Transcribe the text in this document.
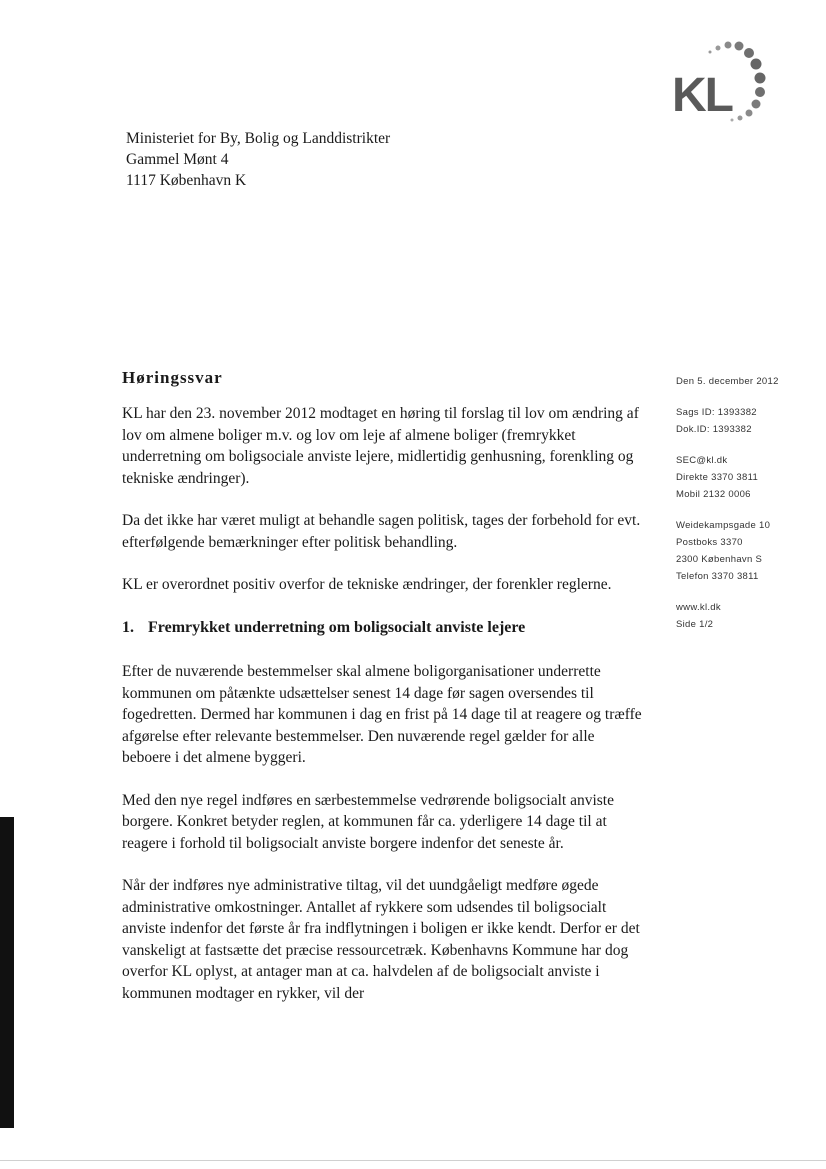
KL
Ministeriet for By, Bolig og Landdistrikter
Gammel Mønt 4
1117 København K
Høringssvar

KL har den 23. november 2012 modtaget en høring til forslag til lov om ændring af lov om almene boliger m.v. og lov om leje af almene boliger (fremrykket underretning om boligsociale anviste lejere, midlertidig genhusning, forenkling og tekniske ændringer).

Da det ikke har været muligt at behandle sagen politisk, tages der forbehold for evt. efterfølgende bemærkninger efter politisk behandling.

KL er overordnet positiv overfor de tekniske ændringer, der forenkler reglerne.

1. Fremrykket underretning om boligsocialt anviste lejere

Efter de nuværende bestemmelser skal almene boligorganisationer underrette kommunen om påtænkte udsættelser senest 14 dage før sagen oversendes til fogedretten. Dermed har kommunen i dag en frist på 14 dage til at reagere og træffe afgørelse efter relevante bestemmelser. Den nuværende regel gælder for alle beboere i det almene byggeri.

Med den nye regel indføres en særbestemmelse vedrørende boligsocialt anviste borgere. Konkret betyder reglen, at kommunen får ca. yderligere 14 dage til at reagere i forhold til boligsocialt anviste borgere indenfor det seneste år.

Når der indføres nye administrative tiltag, vil det uundgåeligt medføre øgede administrative omkostninger. Antallet af rykkere som udsendes til boligsocialt anviste indenfor det første år fra indflytningen i boligen er ikke kendt. Derfor er det vanskeligt at fastsætte det præcise ressourcetræk. Københavns Kommune har dog overfor KL oplyst, at antager man at ca. halvdelen af de boligsocialt anviste i kommunen modtager en rykker, vil der

Den 5. december 2012
Sags ID: 1393382
Dok.ID: 1393382
SEC@kl.dk
Direkte 3370 3811
Mobil 2132 0006
Weidekampsgade 10
Postboks 3370
2300 København S
Telefon 3370 3811
www.kl.dk
Side 1/2
